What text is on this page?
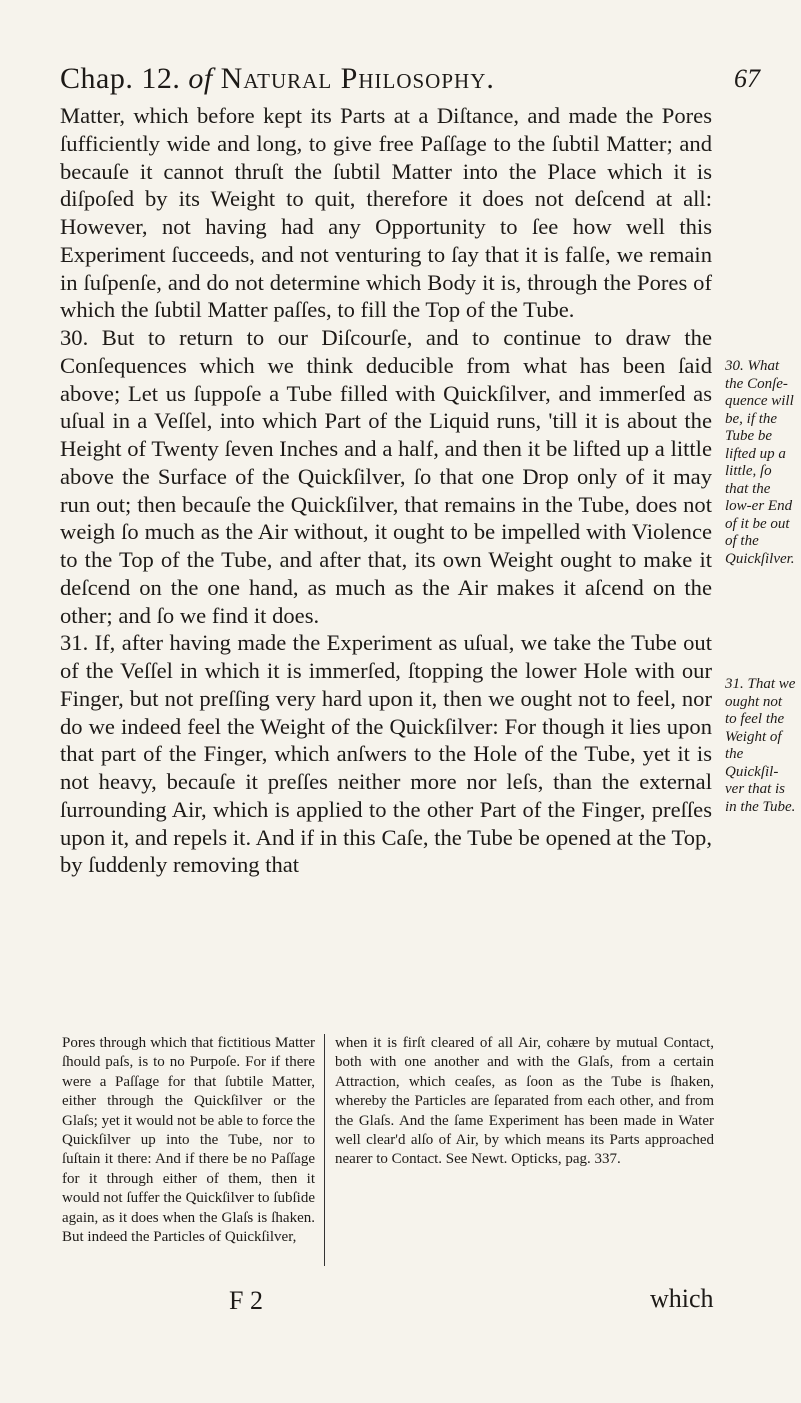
Chap. 12. of Natural Philosophy.	67

Matter, which before kept its Parts at a Diſtance, and made the Pores ſufficiently wide and long, to give free Paſſage to the ſubtil Matter; and becauſe it cannot thruſt the ſubtil Matter into the Place which it is diſpoſed by its Weight to quit, therefore it does not deſcend at all: However, not having had any Opportunity to ſee how well this Experiment ſucceeds, and not venturing to ſay that it is falſe, we remain in ſuſpenſe, and do not determine which Body it is, through the Pores of which the ſubtil Matter paſſes, to fill the Top of the Tube.

30. But to return to our Diſcourſe, and to continue to draw the Conſequences which we think deducible from what has been ſaid above; Let us ſuppoſe a Tube filled with Quickſilver, and immerſed as uſual in a Veſſel, into which Part of the Liquid runs, 'till it is about the Height of Twenty ſeven Inches and a half, and then it be lifted up a little above the Surface of the Quickſilver, ſo that one Drop only of it may run out; then becauſe the Quickſilver, that remains in the Tube, does not weigh ſo much as the Air without, it ought to be impelled with Violence to the Top of the Tube, and after that, its own Weight ought to make it deſcend on the one hand, as much as the Air makes it aſcend on the other; and ſo we find it does.

31. If, after having made the Experiment as uſual, we take the Tube out of the Veſſel in which it is immerſed, ſtopping the lower Hole with our Finger, but not preſſing very hard upon it, then we ought not to feel, nor do we indeed feel the Weight of the Quickſilver: For though it lies upon that part of the Finger, which anſwers to the Hole of the Tube, yet it is not heavy, becauſe it preſſes neither more nor leſs, than the external ſurrounding Air, which is applied to the other Part of the Finger, preſſes upon it, and repels it. And if in this Caſe, the Tube be opened at the Top, by ſuddenly removing that

30. What the Conſe-quence will be, if the Tube be lifted up a little, ſo that the low-er End of it be out of the Quickſilver.
31. That we ought not to feel the Weight of the Quickſil-ver that is in the Tube.
Pores through which that fictitious Matter ſhould paſs, is to no Purpoſe. For if there were a Paſſage for that ſubtile Matter, either through the Quickſilver or the Glaſs; yet it would not be able to force the Quickſilver up into the Tube, nor to ſuſtain it there: And if there be no Paſſage for it through either of them, then it would not ſuffer the Quickſilver to ſubſide again, as it does when the Glaſs is ſhaken. But indeed the Particles of Quickſilver,
when it is firſt cleared of all Air, cohære by mutual Contact, both with one another and with the Glaſs, from a certain Attraction, which ceaſes, as ſoon as the Tube is ſhaken, whereby the Particles are ſeparated from each other, and from the Glaſs. And the ſame Experiment has been made in Water well clear'd alſo of Air, by which means its Parts approached nearer to Contact. See Newt. Opticks, pag. 337.
F 2	which
